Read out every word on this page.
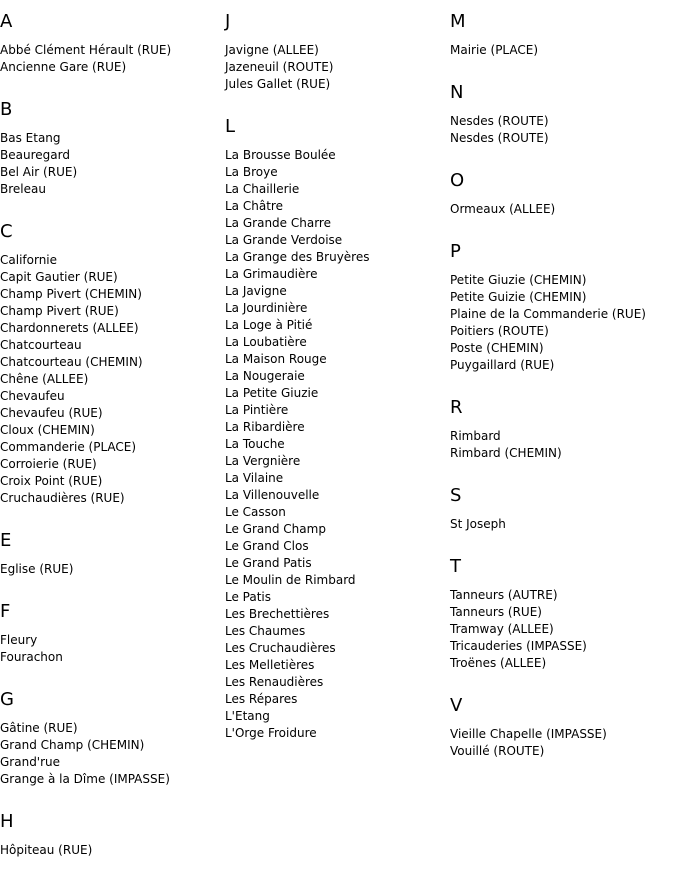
A
Abbé Clément Hérault (RUE)
Ancienne Gare (RUE)
B
Bas Etang
Beauregard
Bel Air (RUE)
Breleau
C
Californie
Capit Gautier (RUE)
Champ Pivert (CHEMIN)
Champ Pivert (RUE)
Chardonnerets (ALLEE)
Chatcourteau
Chatcourteau (CHEMIN)
Chêne (ALLEE)
Chevaufeu
Chevaufeu (RUE)
Cloux (CHEMIN)
Commanderie (PLACE)
Corroierie (RUE)
Croix Point (RUE)
Cruchaudières (RUE)
E
Eglise (RUE)
F
Fleury
Fourachon
G
Gâtine (RUE)
Grand Champ (CHEMIN)
Grand'rue
Grange à la Dîme (IMPASSE)
H
Hôpiteau (RUE)
J
Javigne (ALLEE)
Jazeneuil (ROUTE)
Jules Gallet (RUE)
L
La Brousse Boulée
La Broye
La Chaillerie
La Châtre
La Grande Charre
La Grande Verdoise
La Grange des Bruyères
La Grimaudière
La Javigne
La Jourdinière
La Loge à Pitié
La Loubatière
La Maison Rouge
La Nougeraie
La Petite Giuzie
La Pintière
La Ribardière
La Touche
La Vergnière
La Vilaine
La Villenouvelle
Le Casson
Le Grand Champ
Le Grand Clos
Le Grand Patis
Le Moulin de Rimbard
Le Patis
Les Brechettières
Les Chaumes
Les Cruchaudières
Les Melletières
Les Renaudières
Les Répares
L'Etang
L'Orge Froidure
M
Mairie (PLACE)
N
Nesdes (ROUTE)
Nesdes (ROUTE)
O
Ormeaux (ALLEE)
P
Petite Giuzie (CHEMIN)
Petite Guizie (CHEMIN)
Plaine de la Commanderie (RUE)
Poitiers (ROUTE)
Poste (CHEMIN)
Puygaillard (RUE)
R
Rimbard
Rimbard (CHEMIN)
S
St Joseph
T
Tanneurs (AUTRE)
Tanneurs (RUE)
Tramway (ALLEE)
Tricauderies (IMPASSE)
Troënes (ALLEE)
V
Vieille Chapelle (IMPASSE)
Vouillé (ROUTE)
